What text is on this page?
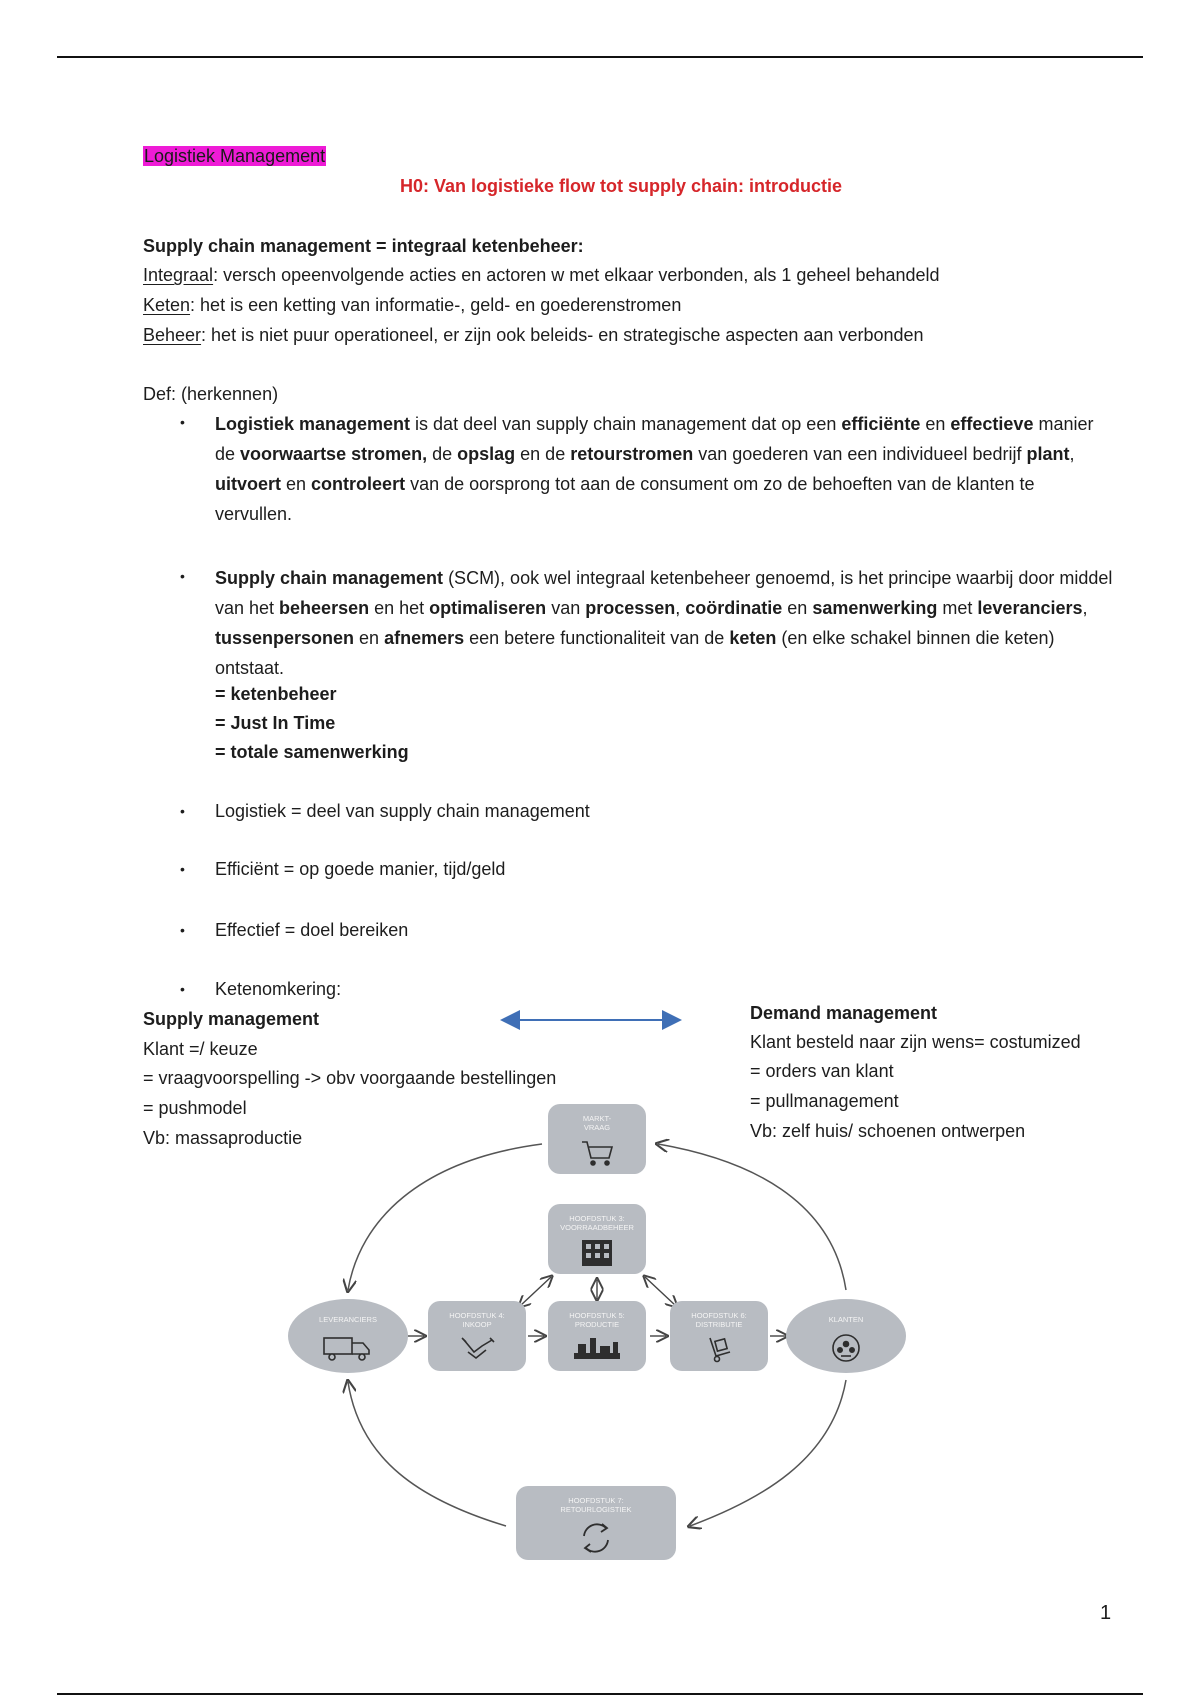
Logistiek Management
H0: Van logistieke flow tot supply chain: introductie
Supply chain management = integraal ketenbeheer:
Integraal: versch opeenvolgende acties en actoren w met elkaar verbonden, als 1 geheel behandeld
Keten: het is een ketting van informatie-, geld- en goederenstromen
Beheer: het is niet puur operationeel, er zijn ook beleids- en strategische aspecten aan verbonden
Def: (herkennen)
• Logistiek management is dat deel van supply chain management dat op een efficiënte en effectieve manier de voorwaartse stromen, de opslag en de retourstromen van goederen van een individueel bedrijf plant, uitvoert en controleert van de oorsprong tot aan de consument om zo de behoeften van de klanten te vervullen.
• Supply chain management (SCM), ook wel integraal ketenbeheer genoemd, is het principe waarbij door middel van het beheersen en het optimaliseren van processen, coördinatie en samenwerking met leveranciers, tussenpersonen en afnemers een betere functionaliteit van de keten (en elke schakel binnen die keten) ontstaat.
= ketenbeheer
= Just In Time
= totale samenwerking
• Logistiek = deel van supply chain management
• Efficiënt = op goede manier, tijd/geld
• Effectief = doel bereiken
• Ketenomkering:
Supply management
Klant =/ keuze
= vraagvoorspelling -> obv voorgaande bestellingen
= pushmodel
Vb: massaproductie
Demand management
Klant besteld naar zijn wens= costumized
= orders van klant
= pullmanagement
Vb: zelf huis/ schoenen ontwerpen
MARKT-
VRAAG
HOOFDSTUK 3:
VOORRAADBEHEER
LEVERANCIERS	HOOFDSTUK 4:
INKOOP
HOOFDSTUK 5:
PRODUCTIE
HOOFDSTUK 6:
DISTRIBUTIE
KLANTEN
HOOFDSTUK 7:
RETOURLOGISTIEK
1
